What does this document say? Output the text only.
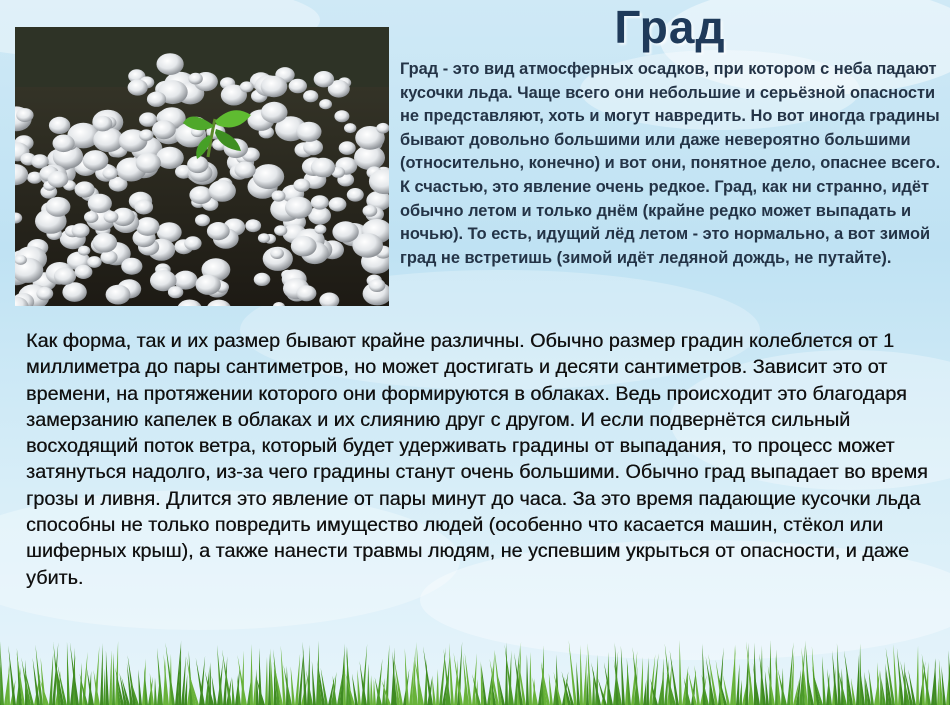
Град
Град - это вид атмосферных осадков, при котором с неба падают кусочки льда. Чаще всего они небольшие и серьёзной опасности не представляют, хоть и могут навредить. Но вот иногда градины бывают довольно большими или даже невероятно большими (относительно, конечно) и вот они, понятное дело, опаснее всего. К счастью, это явление очень редкое. Град, как ни странно, идёт обычно летом и только днём (крайне редко может выпадать и ночью). То есть, идущий лёд летом - это нормально, а вот зимой град не встретишь (зимой идёт ледяной дождь, не путайте).
Как форма, так и их размер бывают крайне различны. Обычно размер градин колеблется от 1 миллиметра до пары сантиметров, но может достигать и десяти сантиметров. Зависит это от времени, на протяжении которого они формируются в облаках. Ведь происходит это благодаря замерзанию капелек в облаках и их слиянию друг с другом. И если подвернётся сильный восходящий поток ветра, который будет удерживать градины от выпадания, то процесс может затянуться надолго, из-за чего градины станут очень большими. Обычно град выпадает во время грозы и ливня. Длится это явление от пары минут до часа. За это время падающие кусочки льда способны не только повредить имущество людей (особенно что касается машин, стёкол или шиферных крыш), а также нанести травмы людям, не успевшим укрыться от опасности, и даже убить.
